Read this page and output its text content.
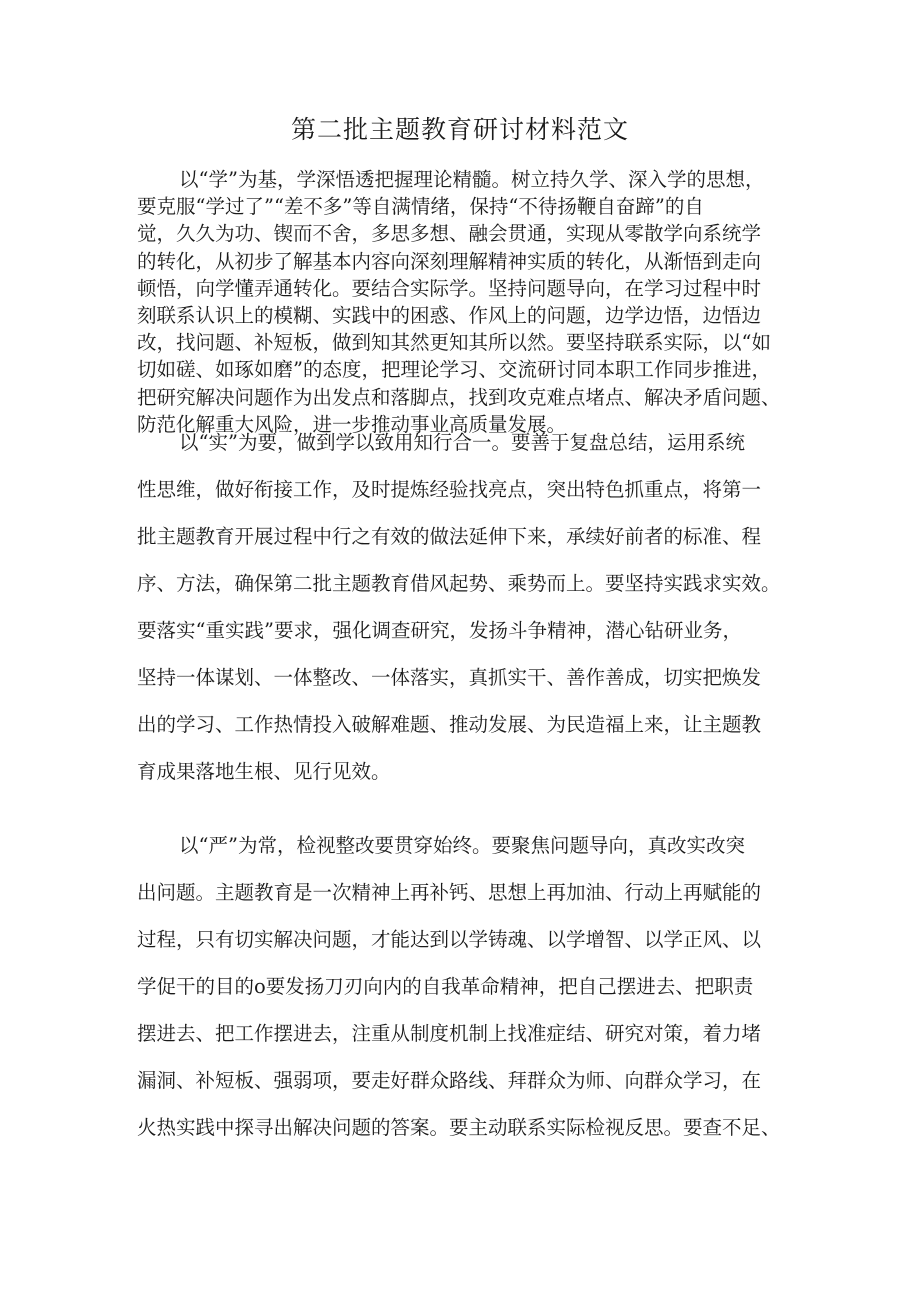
第二批主题教育研讨材料范文
以“学”为基，学深悟透把握理论精髓。树立持久学、深入学的思想，
要克服“学过了”“差不多”等自满情绪，保持“不待扬鞭自奋蹄”的自
觉，久久为功、锲而不舍，多思多想、融会贯通，实现从零散学向系统学
的转化，从初步了解基本内容向深刻理解精神实质的转化，从渐悟到走向
顿悟，向学懂弄通转化。要结合实际学。坚持问题导向，在学习过程中时
刻联系认识上的模糊、实践中的困惑、作风上的问题，边学边悟，边悟边
改，找问题、补短板，做到知其然更知其所以然。要坚持联系实际，以“如
切如磋、如琢如磨”的态度，把理论学习、交流研讨同本职工作同步推进，
把研究解决问题作为出发点和落脚点，找到攻克难点堵点、解决矛盾问题、
防范化解重大风险，进一步推动事业高质量发展。
以“实”为要，做到学以致用知行合一。要善于复盘总结，运用系统
性思维，做好衔接工作，及时提炼经验找亮点，突出特色抓重点，将第一
批主题教育开展过程中行之有效的做法延伸下来，承续好前者的标准、程
序、方法，确保第二批主题教育借风起势、乘势而上。要坚持实践求实效。
要落实“重实践”要求，强化调查研究，发扬斗争精神，潜心钻研业务，
坚持一体谋划、一体整改、一体落实，真抓实干、善作善成，切实把焕发
出的学习、工作热情投入破解难题、推动发展、为民造福上来，让主题教
育成果落地生根、见行见效。
以“严”为常，检视整改要贯穿始终。要聚焦问题导向，真改实改突
出问题。主题教育是一次精神上再补钙、思想上再加油、行动上再赋能的
过程，只有切实解决问题，才能达到以学铸魂、以学增智、以学正风、以
学促干的目的o要发扬刀刃向内的自我革命精神，把自己摆进去、把职责
摆进去、把工作摆进去，注重从制度机制上找准症结、研究对策，着力堵
漏洞、补短板、强弱项，要走好群众路线、拜群众为师、向群众学习，在
火热实践中探寻出解决问题的答案。要主动联系实际检视反思。要查不足、
